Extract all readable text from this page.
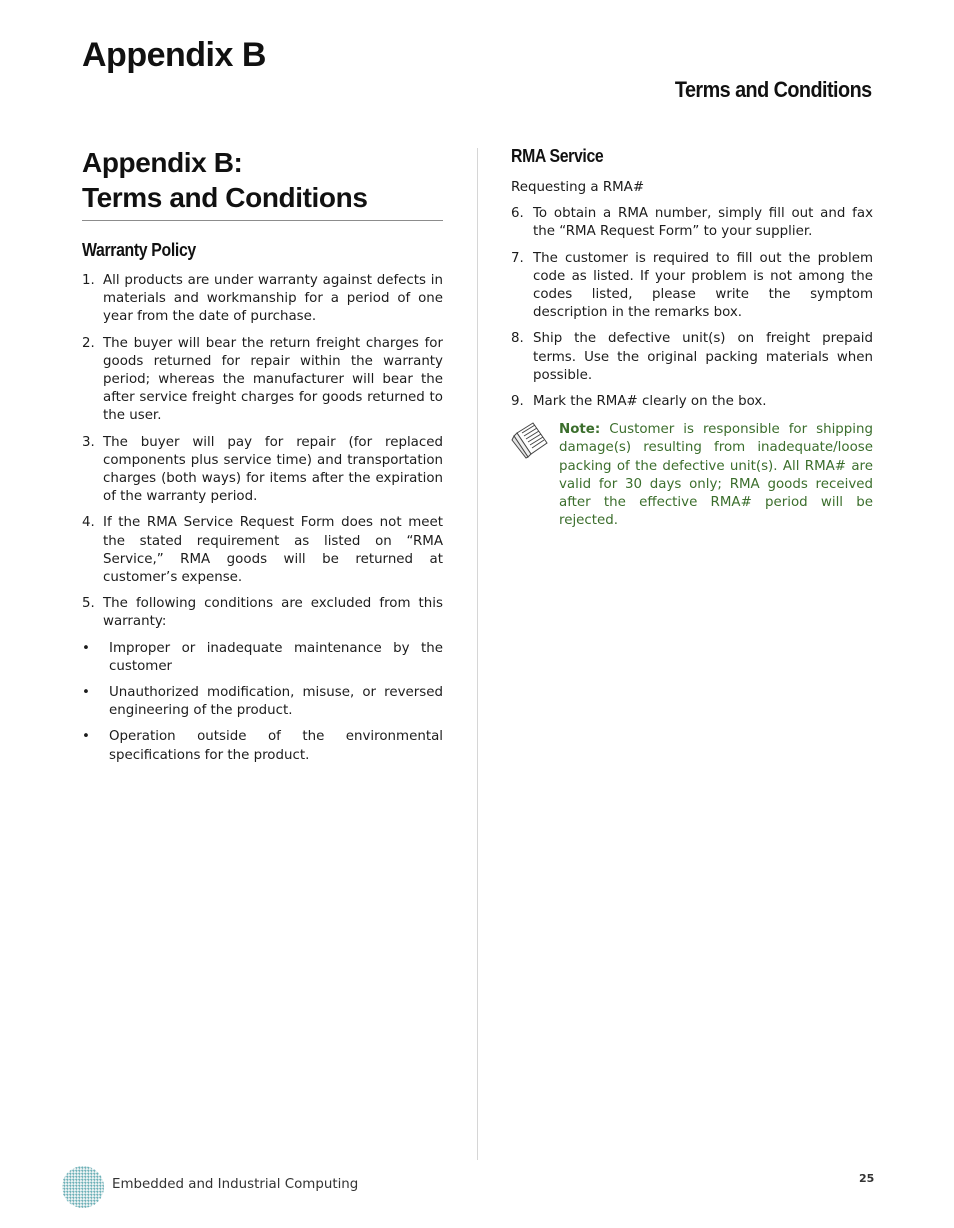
Appendix B
Terms and Conditions
Appendix B:
Terms and Conditions
Warranty Policy
1. All products are under warranty against defects in materials and workmanship for a period of one year from the date of purchase.
2. The buyer will bear the return freight charges for goods returned for repair within the warranty period; whereas the manufacturer will bear the after service freight charges for goods returned to the user.
3. The buyer will pay for repair (for replaced components plus service time) and transportation charges (both ways) for items after the expiration of the warranty period.
4. If the RMA Service Request Form does not meet the stated requirement as listed on “RMA Service,” RMA goods will be returned at customer’s expense.
5. The following conditions are excluded from this warranty:
•	Improper or inadequate maintenance by the customer
•	Unauthorized modification, misuse, or reversed engineering of the product.
•	Operation outside of the environmental specifications for the product.
RMA Service
Requesting a RMA#
6. To obtain a RMA number, simply fill out and fax the “RMA Request Form” to your supplier.
7. The customer is required to fill out the problem code as listed. If your problem is not among the codes listed, please write the symptom description in the remarks box.
8. Ship the defective unit(s) on freight prepaid terms. Use the original packing materials when possible.
9. Mark the RMA# clearly on the box.
Note: Customer is responsible for shipping damage(s) resulting from inadequate/loose packing of the defective unit(s). All RMA# are valid for 30 days only; RMA goods received after the effective RMA# period will be rejected.
Embedded and Industrial Computing	25
